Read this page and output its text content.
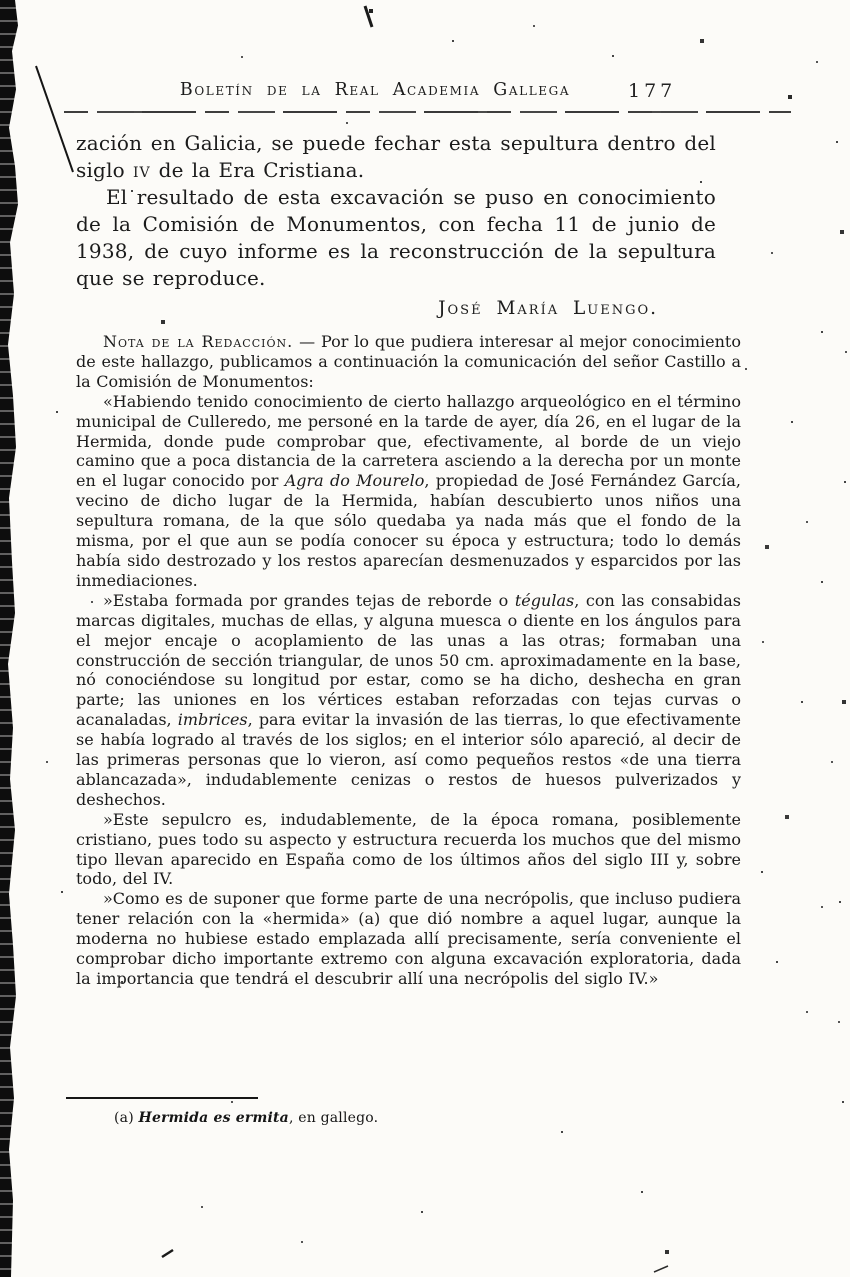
Boletín de la Real Academia Gallega	177

zación en Galicia, se puede fechar esta sepultura dentro del siglo iv de la Era Cristiana.

El resultado de esta excavación se puso en conocimiento de la Comisión de Monumentos, con fecha 11 de junio de 1938, de cuyo informe es la reconstrucción de la sepultura que se reproduce.

José María Luengo.

Nota de la Redacción. — Por lo que pudiera interesar al mejor conocimiento de este hallazgo, publicamos a continuación la comunicación del señor Castillo a la Comisión de Monumentos:

«Habiendo tenido conocimiento de cierto hallazgo arqueológico en el término municipal de Culleredo, me personé en la tarde de ayer, día 26, en el lugar de la Hermida, donde pude comprobar que, efectivamente, al borde de un viejo camino que a poca distancia de la carretera asciendo a la derecha por un monte en el lugar conocido por Agra do Mourelo, propiedad de José Fernández García, vecino de dicho lugar de la Hermida, habían descubierto unos niños una sepultura romana, de la que sólo quedaba ya nada más que el fondo de la misma, por el que aun se podía conocer su época y estructura; todo lo demás había sido destrozado y los restos aparecían desmenuzados y esparcidos por las inmediaciones.

»Estaba formada por grandes tejas de reborde o tégulas, con las consabidas marcas digitales, muchas de ellas, y alguna muesca o diente en los ángulos para el mejor encaje o acoplamiento de las unas a las otras; formaban una construcción de sección triangular, de unos 50 cm. aproximadamente en la base, nó conociéndose su longitud por estar, como se ha dicho, deshecha en gran parte; las uniones en los vértices estaban reforzadas con tejas curvas o acanaladas, imbrices, para evitar la invasión de las tierras, lo que efectivamente se había logrado al través de los siglos; en el interior sólo apareció, al decir de las primeras personas que lo vieron, así como pequeños restos «de una tierra ablancazada», indudablemente cenizas o restos de huesos pulverizados y deshechos.

»Este sepulcro es, indudablemente, de la época romana, posiblemente cristiano, pues todo su aspecto y estructura recuerda los muchos que del mismo tipo llevan aparecido en España como de los últimos años del siglo III y, sobre todo, del IV.

»Como es de suponer que forme parte de una necrópolis, que incluso pudiera tener relación con la «hermida» (a) que dió nombre a aquel lugar, aunque la moderna no hubiese estado emplazada allí precisamente, sería conveniente el comprobar dicho importante extremo con alguna excavación exploratoria, dada la importancia que tendrá el descubrir allí una necrópolis del siglo IV.»

(a) Hermida es ermita, en gallego.
